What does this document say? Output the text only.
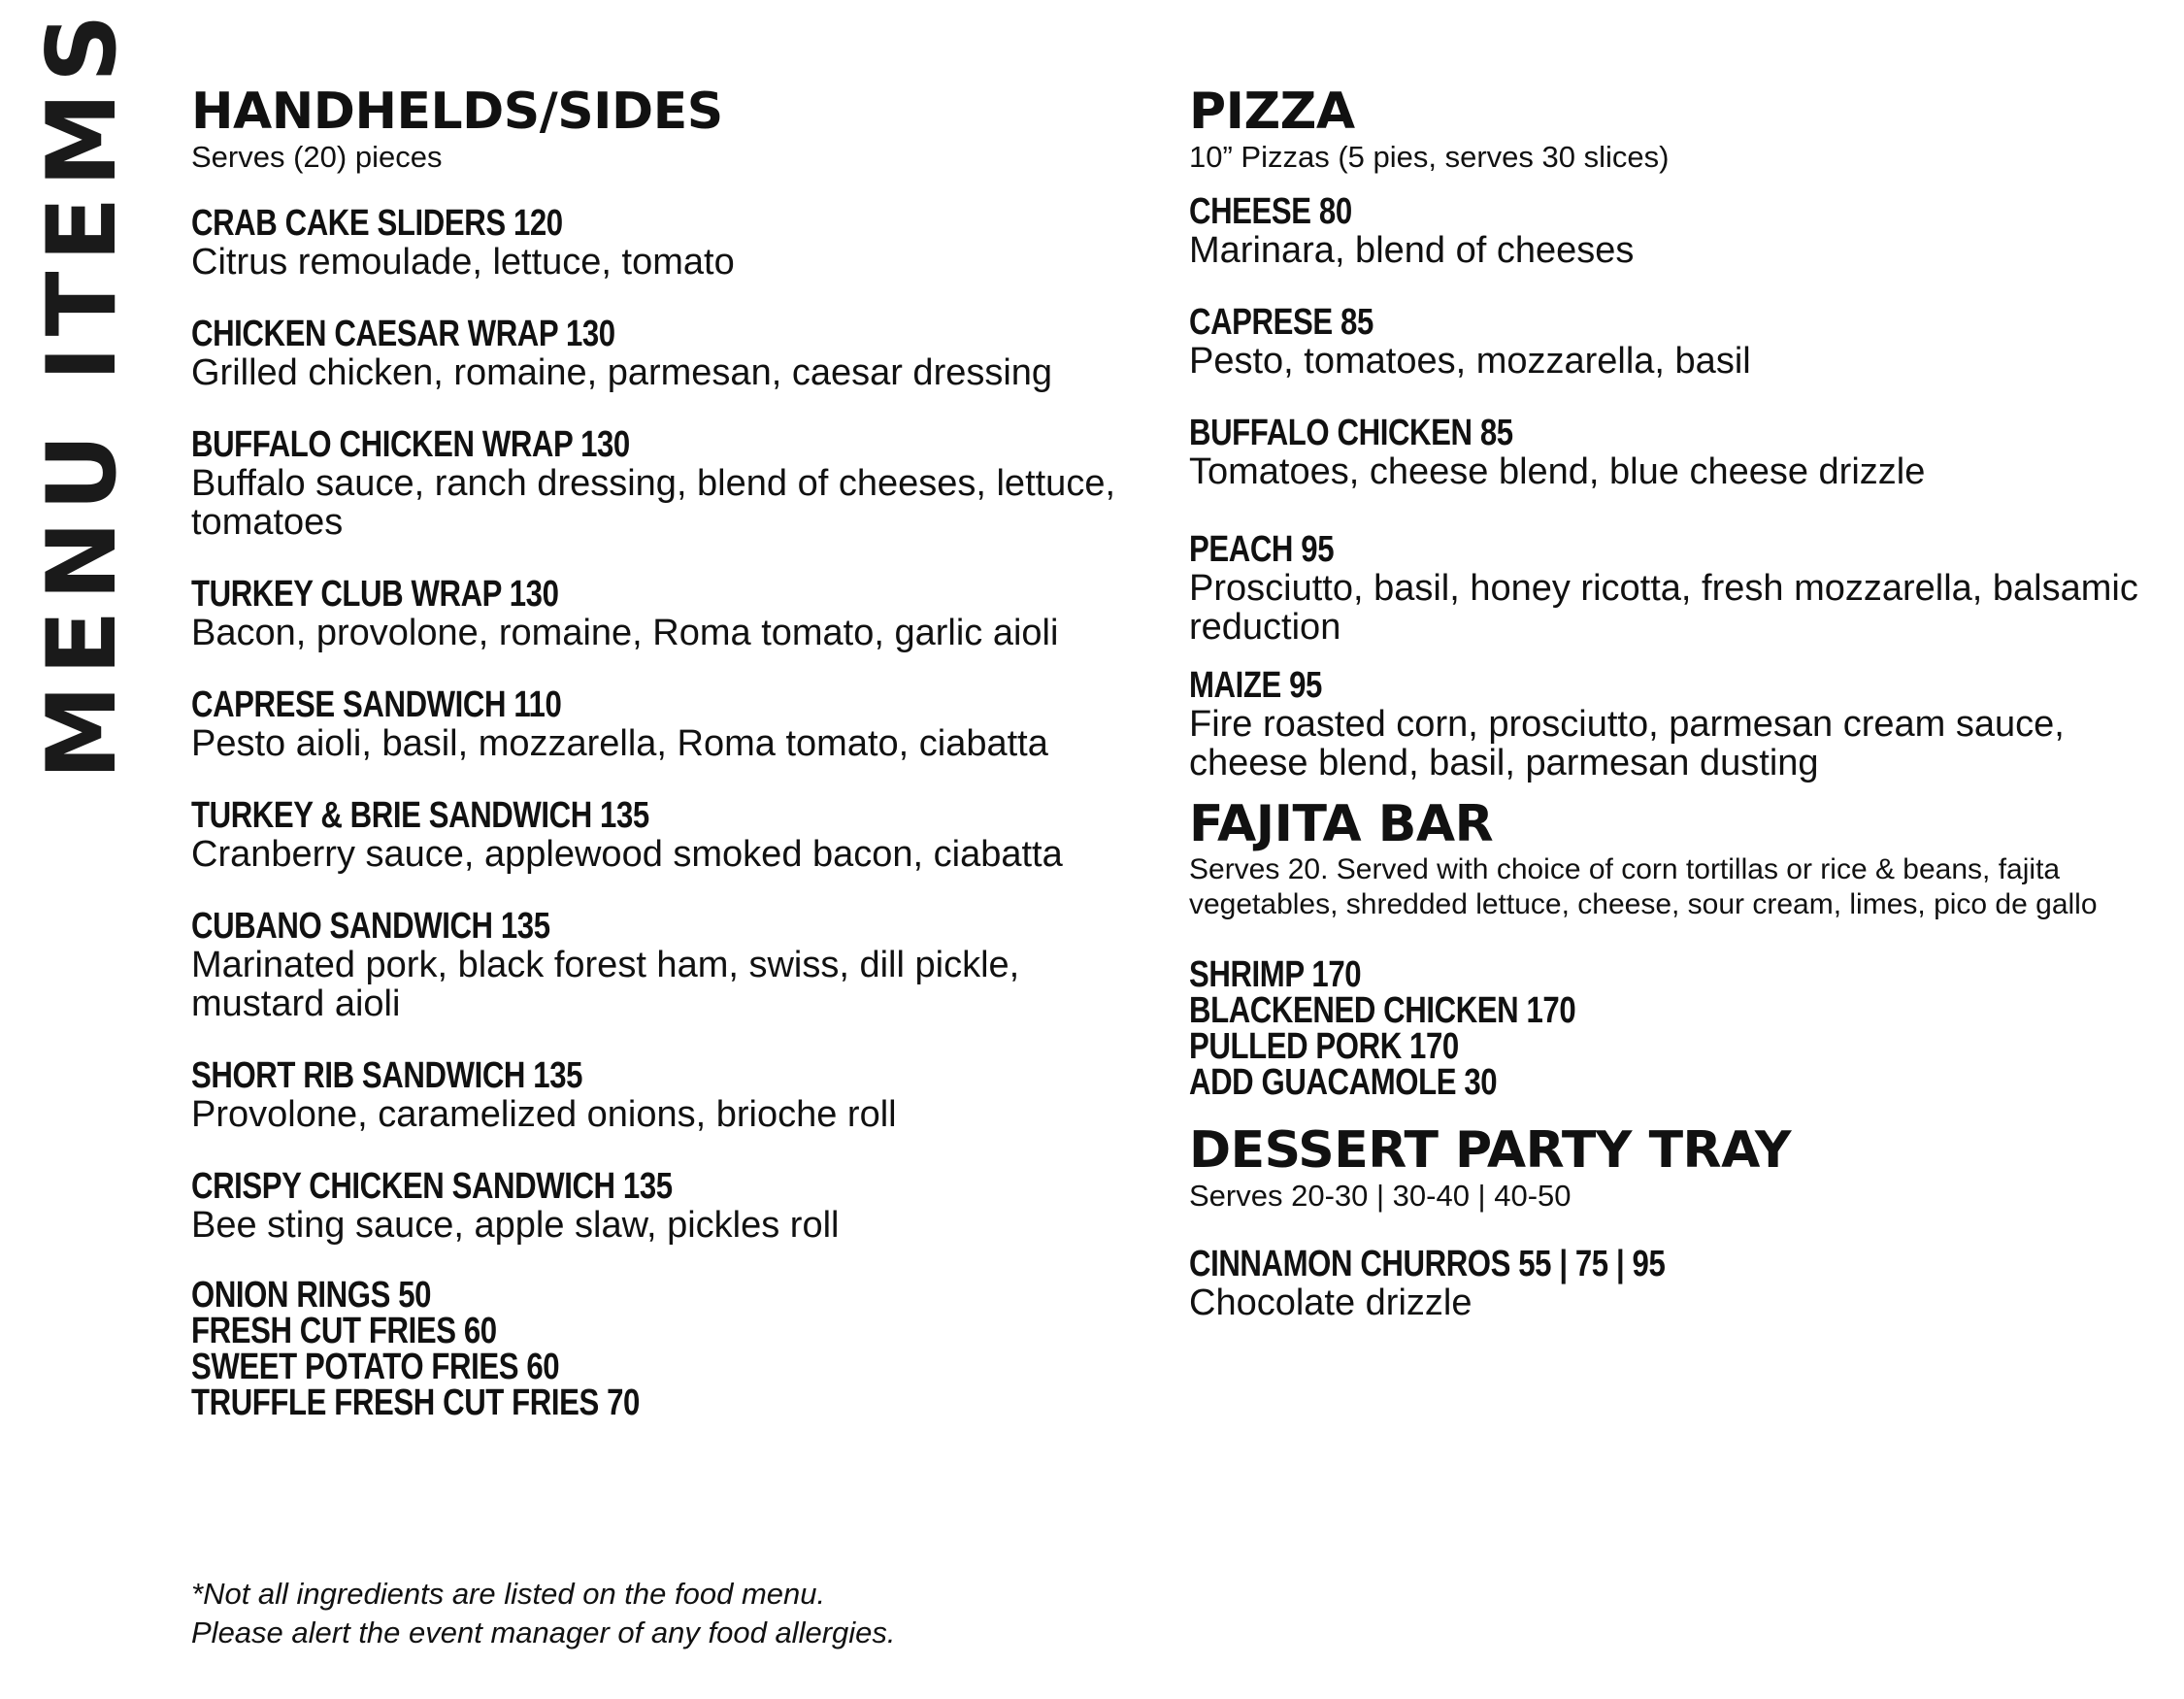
MENU ITEMS HANDHELDS/SIDES

Serves (20) pieces

CRAB CAKE SLIDERS 120
Citrus remoulade, lettuce, tomato
CHICKEN CAESAR WRAP 130
Grilled chicken, romaine, parmesan, caesar dressing
BUFFALO CHICKEN WRAP 130
Buffalo sauce, ranch dressing, blend of cheeses, lettuce, tomatoes
TURKEY CLUB WRAP 130
Bacon, provolone, romaine, Roma tomato, garlic aioli
CAPRESE SANDWICH 110
Pesto aioli, basil, mozzarella, Roma tomato, ciabatta
TURKEY & BRIE SANDWICH 135
Cranberry sauce, applewood smoked bacon, ciabatta
CUBANO SANDWICH 135
Marinated pork, black forest ham, swiss, dill pickle, mustard aioli
SHORT RIB SANDWICH 135
Provolone, caramelized onions, brioche roll
CRISPY CHICKEN SANDWICH 135
Bee sting sauce, apple slaw, pickles roll
ONION RINGS 50
FRESH CUT FRIES 60
SWEET POTATO FRIES 60
TRUFFLE FRESH CUT FRIES 70
PIZZA

10” Pizzas (5 pies, serves 30 slices)

CHEESE 80
Marinara, blend of cheeses
CAPRESE 85
Pesto, tomatoes, mozzarella, basil
BUFFALO CHICKEN 85
Tomatoes, cheese blend, blue cheese drizzle
PEACH 95
Prosciutto, basil, honey ricotta, fresh mozzarella, balsamic reduction
MAIZE 95
Fire roasted corn, prosciutto, parmesan cream sauce, cheese blend, basil, parmesan dusting
FAJITA BAR

Serves 20. Served with choice of corn tortillas or rice & beans, fajita vegetables, shredded lettuce, cheese, sour cream, limes, pico de gallo

SHRIMP 170
BLACKENED CHICKEN 170
PULLED PORK 170
ADD GUACAMOLE 30
DESSERT PARTY TRAY

Serves 20-30 | 30-40 | 40-50

CINNAMON CHURROS 55 | 75 | 95
Chocolate drizzle
*Not all ingredients are listed on the food menu.
Please alert the event manager of any food allergies.
